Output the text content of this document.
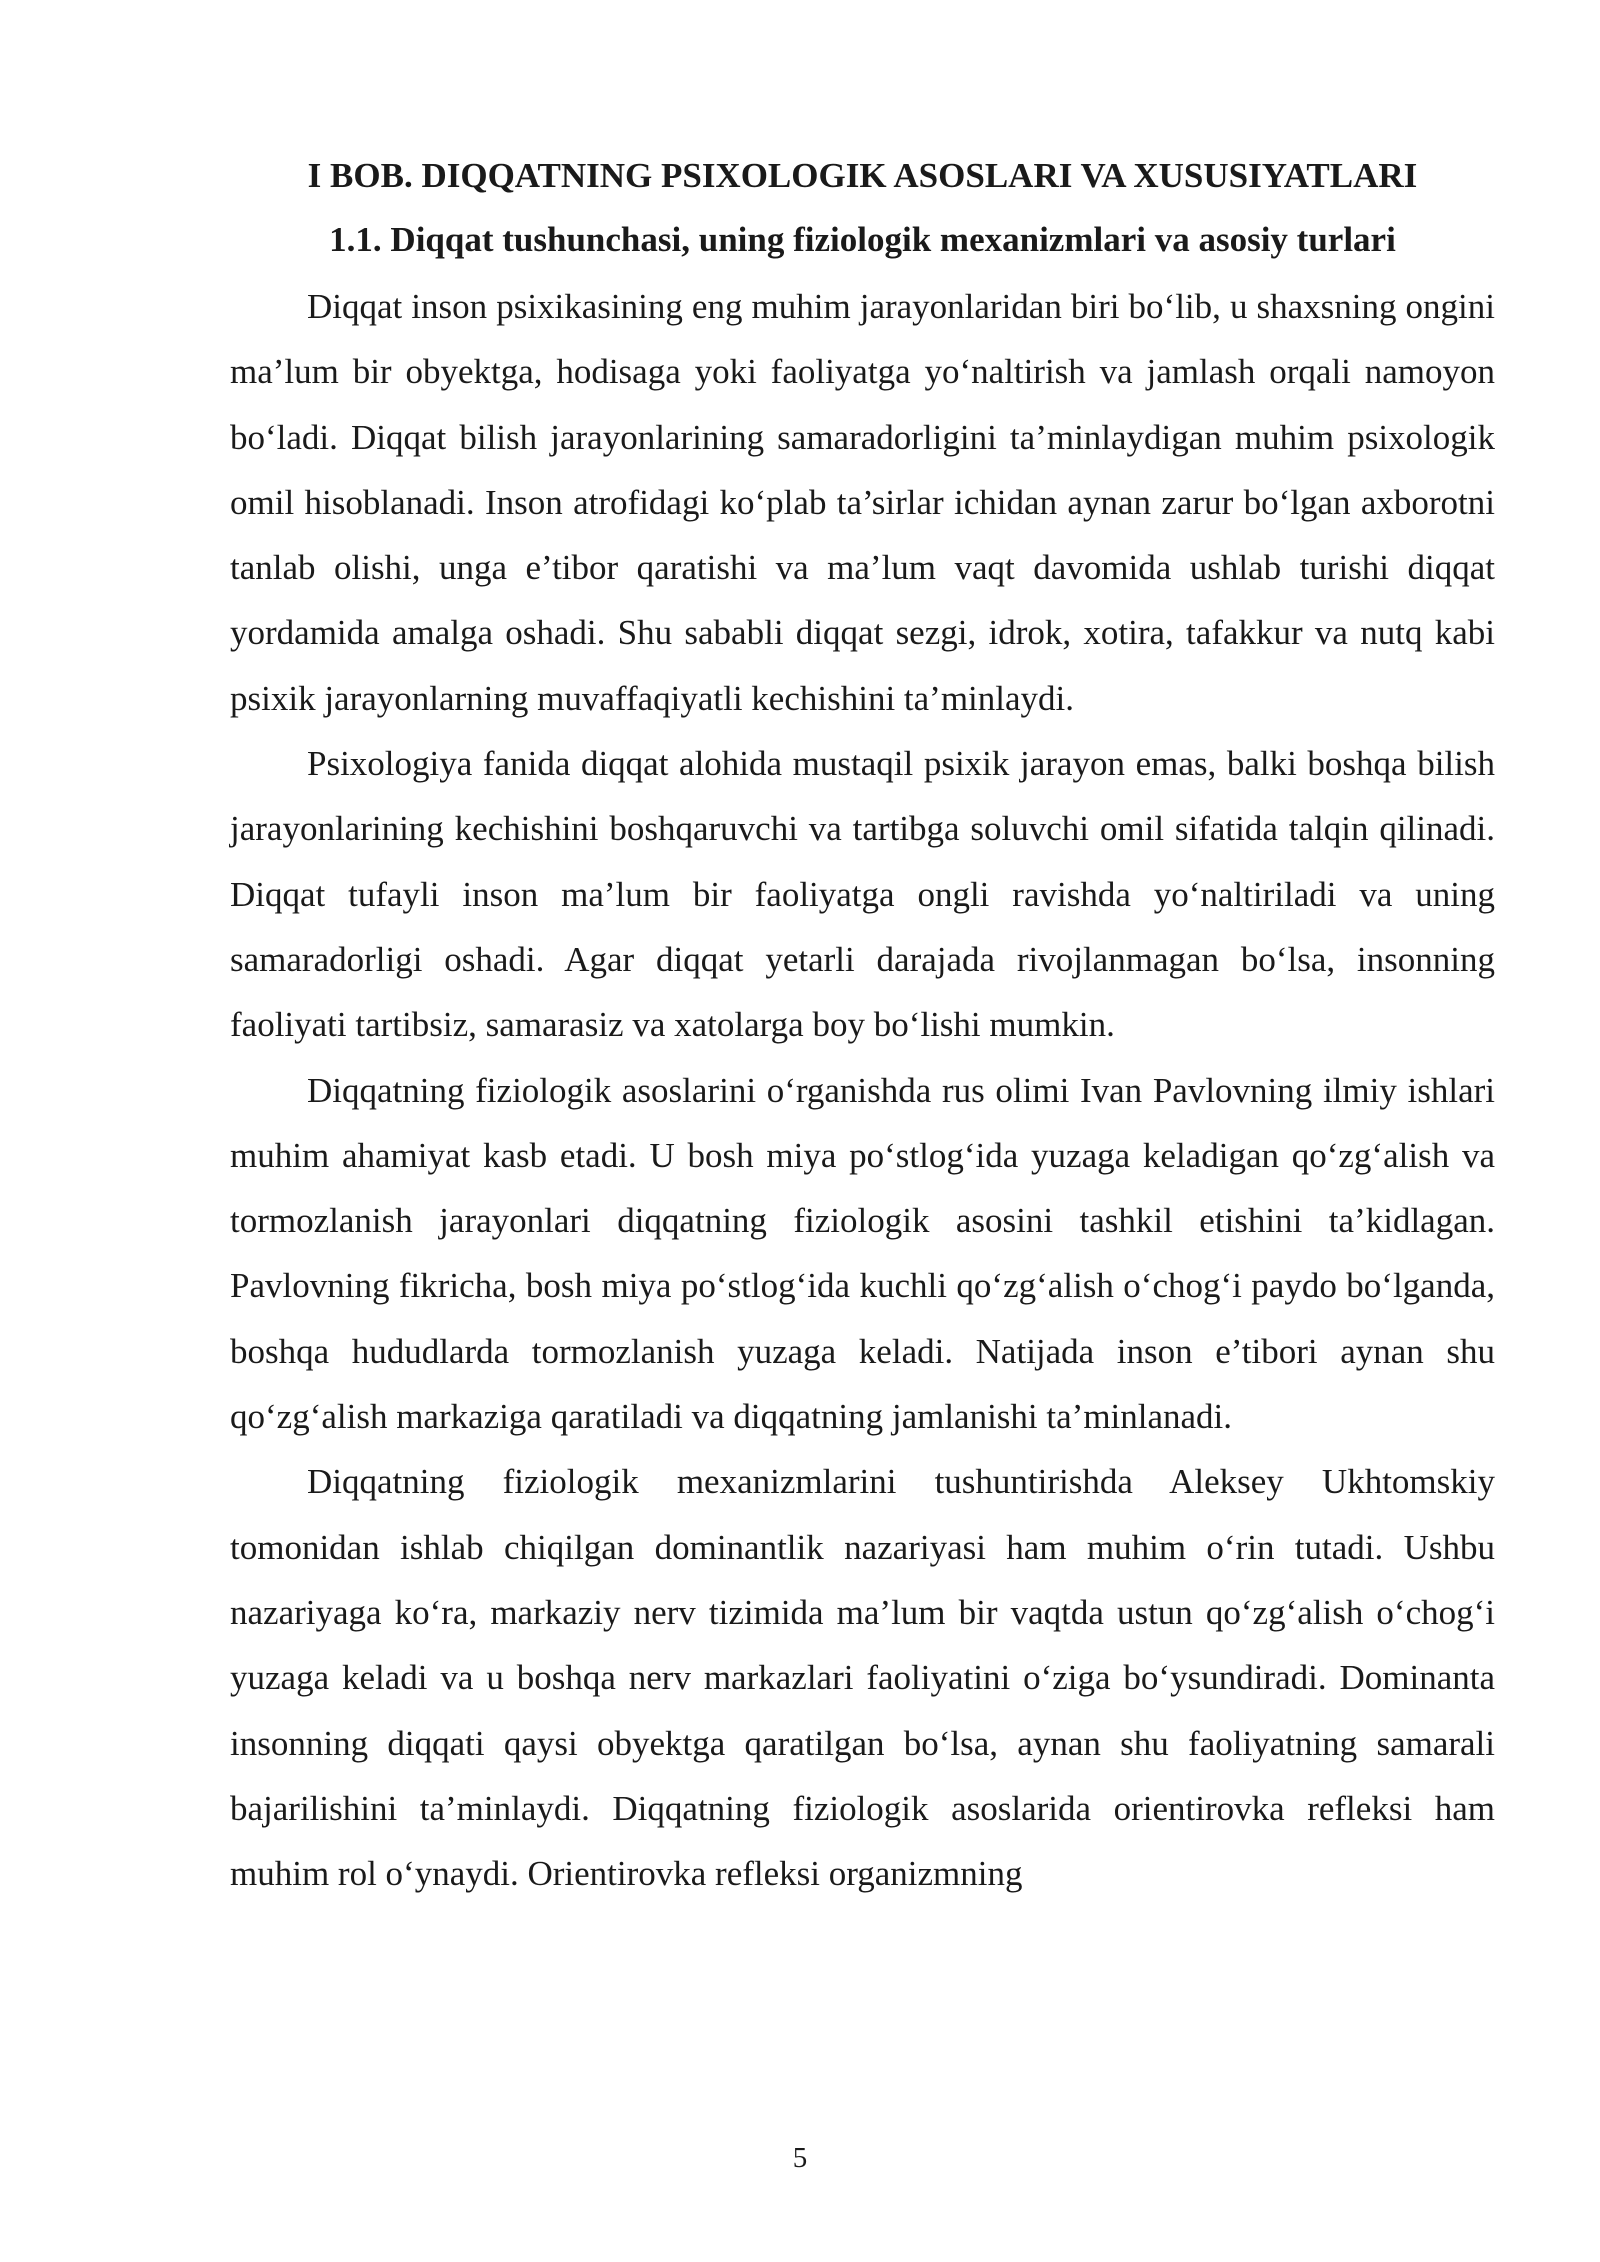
I BOB. DIQQATNING PSIXOLOGIK ASOSLARI VA XUSUSIYATLARI
1.1. Diqqat tushunchasi, uning fiziologik mexanizmlari va asosiy turlari

Diqqat inson psixikasining eng muhim jarayonlaridan biri bo‘lib, u shaxsning ongini ma’lum bir obyektga, hodisaga yoki faoliyatga yo‘naltirish va jamlash orqali namoyon bo‘ladi. Diqqat bilish jarayonlarining samaradorligini ta’minlaydigan muhim psixologik omil hisoblanadi. Inson atrofidagi ko‘plab ta’sirlar ichidan aynan zarur bo‘lgan axborotni tanlab olishi, unga e’tibor qaratishi va ma’lum vaqt davomida ushlab turishi diqqat yordamida amalga oshadi. Shu sababli diqqat sezgi, idrok, xotira, tafakkur va nutq kabi psixik jarayonlarning muvaffaqiyatli kechishini ta’minlaydi.

Psixologiya fanida diqqat alohida mustaqil psixik jarayon emas, balki boshqa bilish jarayonlarining kechishini boshqaruvchi va tartibga soluvchi omil sifatida talqin qilinadi. Diqqat tufayli inson ma’lum bir faoliyatga ongli ravishda yo‘naltiriladi va uning samaradorligi oshadi. Agar diqqat yetarli darajada rivojlanmagan bo‘lsa, insonning faoliyati tartibsiz, samarasiz va xatolarga boy bo‘lishi mumkin.

Diqqatning fiziologik asoslarini o‘rganishda rus olimi Ivan Pavlovning ilmiy ishlari muhim ahamiyat kasb etadi. U bosh miya po‘stlog‘ida yuzaga keladigan qo‘zg‘alish va tormozlanish jarayonlari diqqatning fiziologik asosini tashkil etishini ta’kidlagan. Pavlovning fikricha, bosh miya po‘stlog‘ida kuchli qo‘zg‘alish o‘chog‘i paydo bo‘lganda, boshqa hududlarda tormozlanish yuzaga keladi. Natijada inson e’tibori aynan shu qo‘zg‘alish markaziga qaratiladi va diqqatning jamlanishi ta’minlanadi.

Diqqatning fiziologik mexanizmlarini tushuntirishda Aleksey Ukhtomskiy tomonidan ishlab chiqilgan dominantlik nazariyasi ham muhim o‘rin tutadi. Ushbu nazariyaga ko‘ra, markaziy nerv tizimida ma’lum bir vaqtda ustun qo‘zg‘alish o‘chog‘i yuzaga keladi va u boshqa nerv markazlari faoliyatini o‘ziga bo‘ysundiradi. Dominanta insonning diqqati qaysi obyektga qaratilgan bo‘lsa, aynan shu faoliyatning samarali bajarilishini ta’minlaydi. Diqqatning fiziologik asoslarida orientirovka refleksi ham muhim rol o‘ynaydi. Orientirovka refleksi organizmning

5
